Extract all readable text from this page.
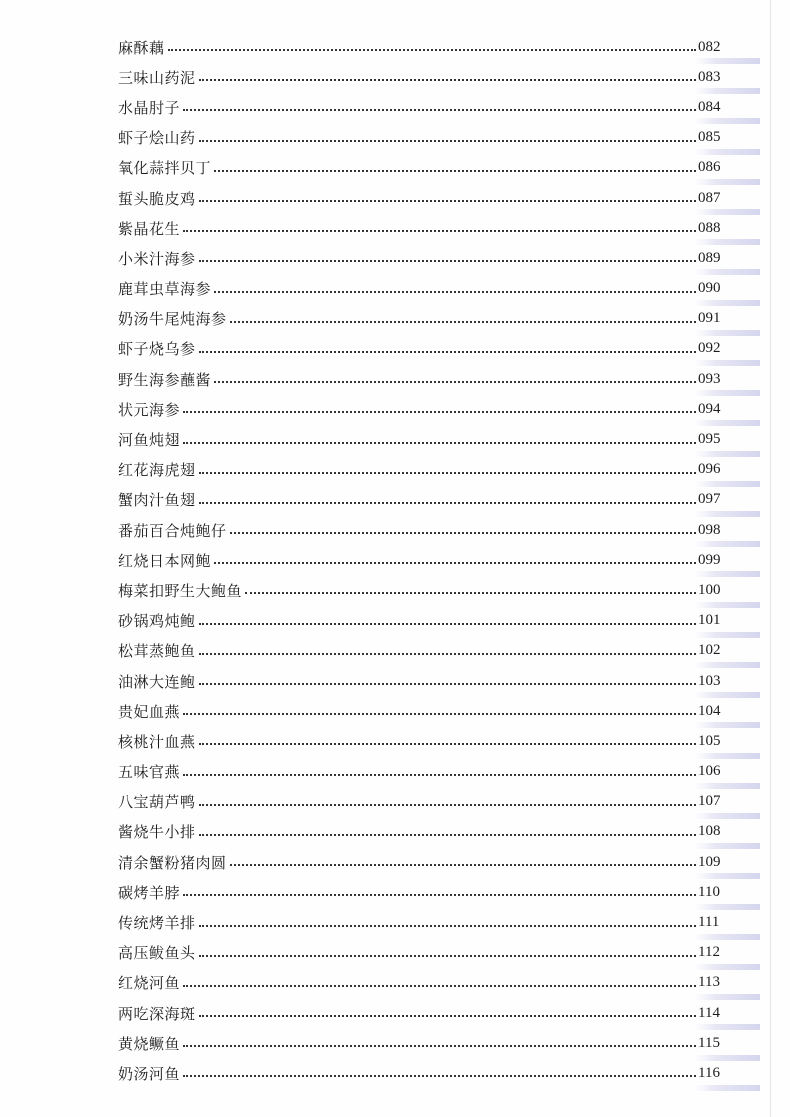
麻酥藕	082
三味山药泥	083
水晶肘子	084
虾子烩山药	085
氧化蒜拌贝丁	086
蜇头脆皮鸡	087
紫晶花生	088
小米汁海参	089
鹿茸虫草海参	090
奶汤牛尾炖海参	091
虾子烧乌参	092
野生海参蘸酱	093
状元海参	094
河鱼炖翅	095
红花海虎翅	096
蟹肉汁鱼翅	097
番茄百合炖鲍仔	098
红烧日本网鲍	099
梅菜扣野生大鲍鱼	100
砂锅鸡炖鲍	101
松茸蒸鲍鱼	102
油淋大连鲍	103
贵妃血燕	104
核桃汁血燕	105
五味官燕	106
八宝葫芦鸭	107
酱烧牛小排	108
清余蟹粉猪肉圆	109
碳烤羊脖	110
传统烤羊排	111
高压鲅鱼头	112
红烧河鱼	113
两吃深海斑	114
黄烧鳜鱼	115
奶汤河鱼	116
